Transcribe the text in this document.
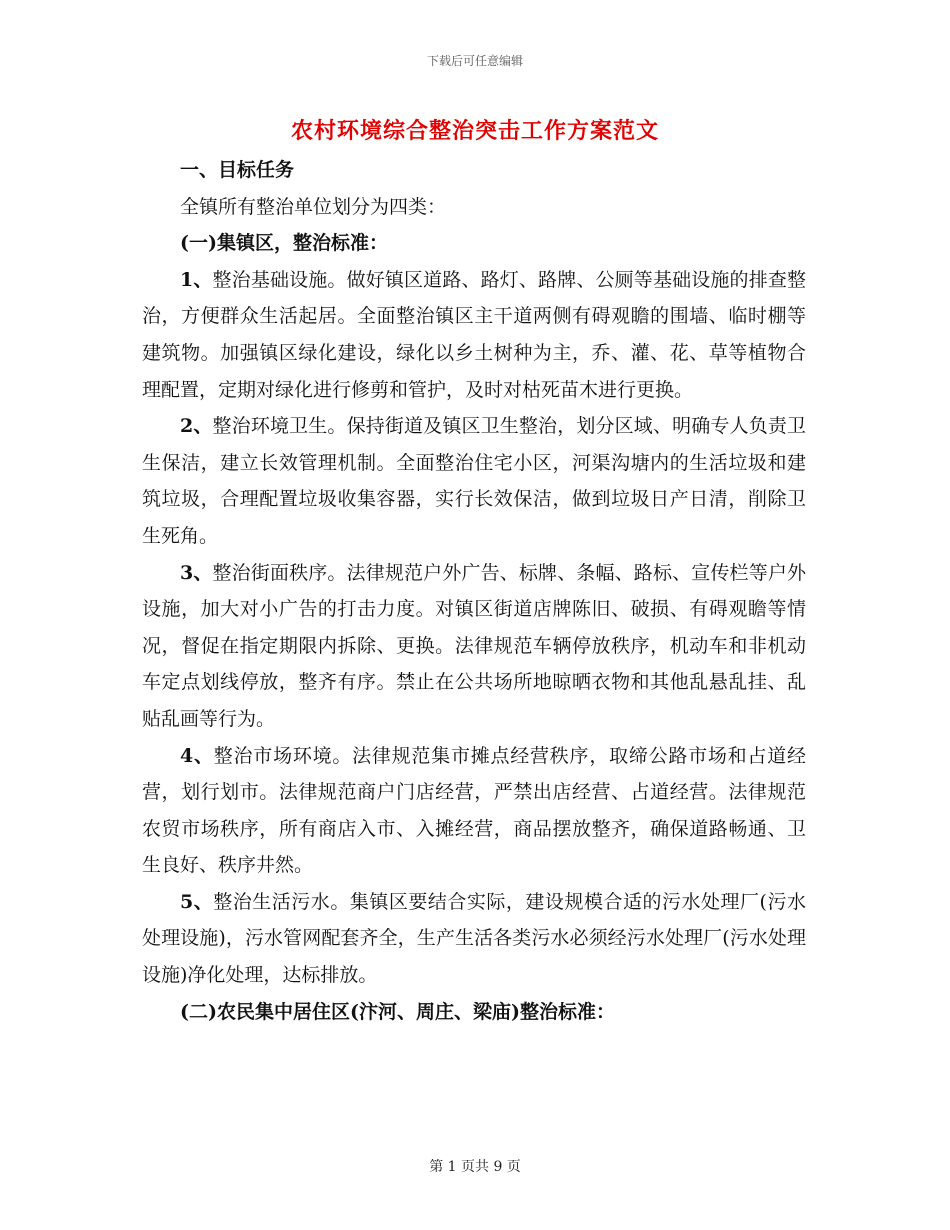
下载后可任意编辑
农村环境综合整治突击工作方案范文

一、目标任务

全镇所有整治单位划分为四类：

(一)集镇区，整治标准：

1、整治基础设施。做好镇区道路、路灯、路牌、公厕等基础设施的排查整治，方便群众生活起居。全面整治镇区主干道两侧有碍观瞻的围墙、临时棚等建筑物。加强镇区绿化建设，绿化以乡土树种为主，乔、灌、花、草等植物合理配置，定期对绿化进行修剪和管护，及时对枯死苗木进行更换。

2、整治环境卫生。保持街道及镇区卫生整治，划分区域、明确专人负责卫生保洁，建立长效管理机制。全面整治住宅小区，河渠沟塘内的生活垃圾和建筑垃圾，合理配置垃圾收集容器，实行长效保洁，做到垃圾日产日清，削除卫生死角。

3、整治街面秩序。法律规范户外广告、标牌、条幅、路标、宣传栏等户外设施，加大对小广告的打击力度。对镇区街道店牌陈旧、破损、有碍观瞻等情况，督促在指定期限内拆除、更换。法律规范车辆停放秩序，机动车和非机动车定点划线停放，整齐有序。禁止在公共场所地晾晒衣物和其他乱悬乱挂、乱贴乱画等行为。

4、整治市场环境。法律规范集市摊点经营秩序，取缔公路市场和占道经营，划行划市。法律规范商户门店经营，严禁出店经营、占道经营。法律规范农贸市场秩序，所有商店入市、入摊经营，商品摆放整齐，确保道路畅通、卫生良好、秩序井然。

5、整治生活污水。集镇区要结合实际，建设规模合适的污水处理厂(污水处理设施)，污水管网配套齐全，生产生活各类污水必须经污水处理厂(污水处理设施)净化处理，达标排放。

(二)农民集中居住区(汴河、周庄、梁庙)整治标准：

第 1 页共 9 页
